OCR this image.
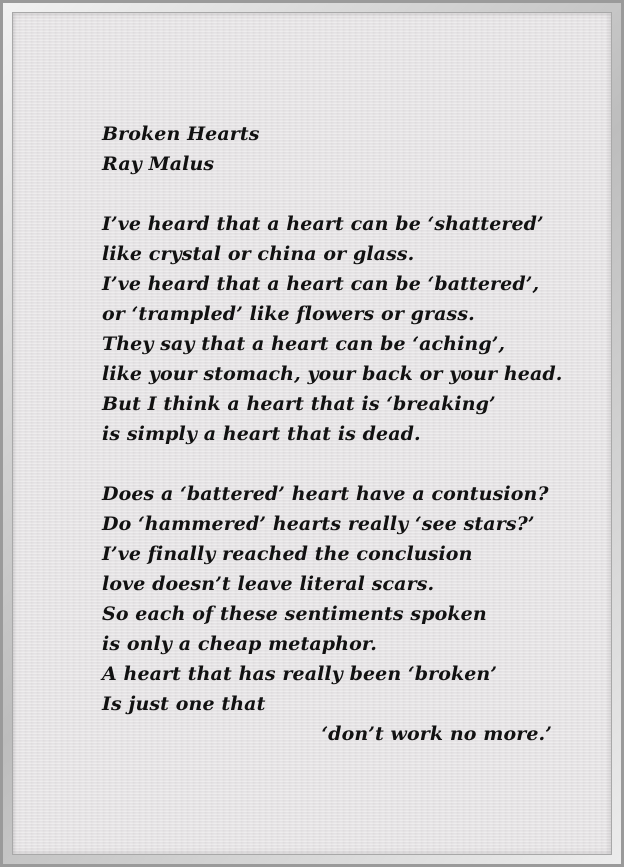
Broken Hearts
Ray Malus
I’ve heard that a heart can be ‘shattered’
like crystal or china or glass.
I’ve heard that a heart can be ‘battered’,
or ‘trampled’ like flowers or grass.
They say that a heart can be ‘aching’,
like your stomach, your back or your head.
But I think a heart that is ‘breaking’
is simply a heart that is dead.
Does a ‘battered’ heart have a contusion?
Do ‘hammered’ hearts really ‘see stars?’
I’ve finally reached the conclusion
love doesn’t leave literal scars.
So each of these sentiments spoken
is only a cheap metaphor.
A heart that has really been ‘broken’
Is just one that
‘don’t work no more.’
